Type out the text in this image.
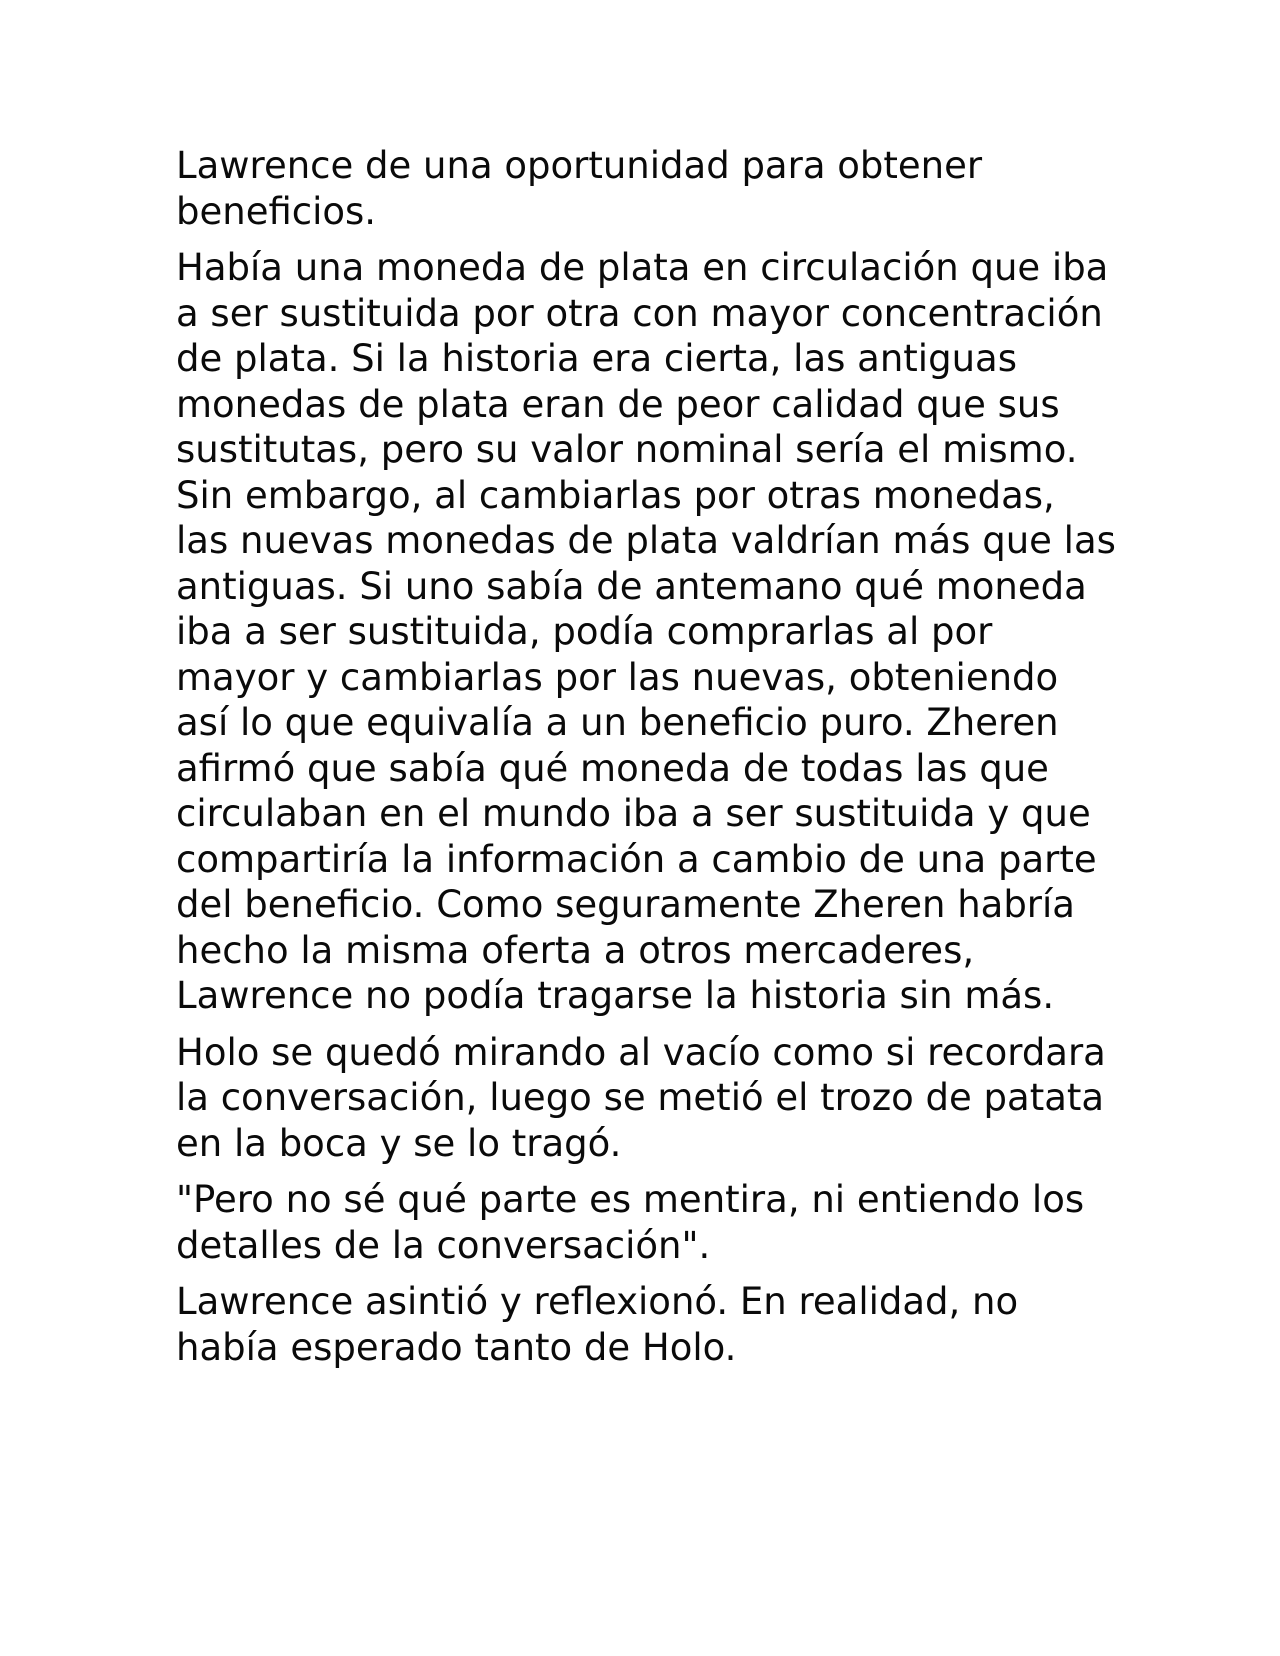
Lawrence de una oportunidad para obtener beneficios.

Había una moneda de plata en circulación que iba a ser sustituida por otra con mayor concentración de plata. Si la historia era cierta, las antiguas monedas de plata eran de peor calidad que sus sustitutas, pero su valor nominal sería el mismo. Sin embargo, al cambiarlas por otras monedas, las nuevas monedas de plata valdrían más que las antiguas. Si uno sabía de antemano qué moneda iba a ser sustituida, podía comprarlas al por mayor y cambiarlas por las nuevas, obteniendo así lo que equivalía a un beneficio puro. Zheren afirmó que sabía qué moneda de todas las que circulaban en el mundo iba a ser sustituida y que compartiría la información a cambio de una parte del beneficio. Como seguramente Zheren habría hecho la misma oferta a otros mercaderes, Lawrence no podía tragarse la historia sin más.

Holo se quedó mirando al vacío como si recordara la conversación, luego se metió el trozo de patata en la boca y se lo tragó.

"Pero no sé qué parte es mentira, ni entiendo los detalles de la conversación".

Lawrence asintió y reflexionó. En realidad, no había esperado tanto de Holo.
